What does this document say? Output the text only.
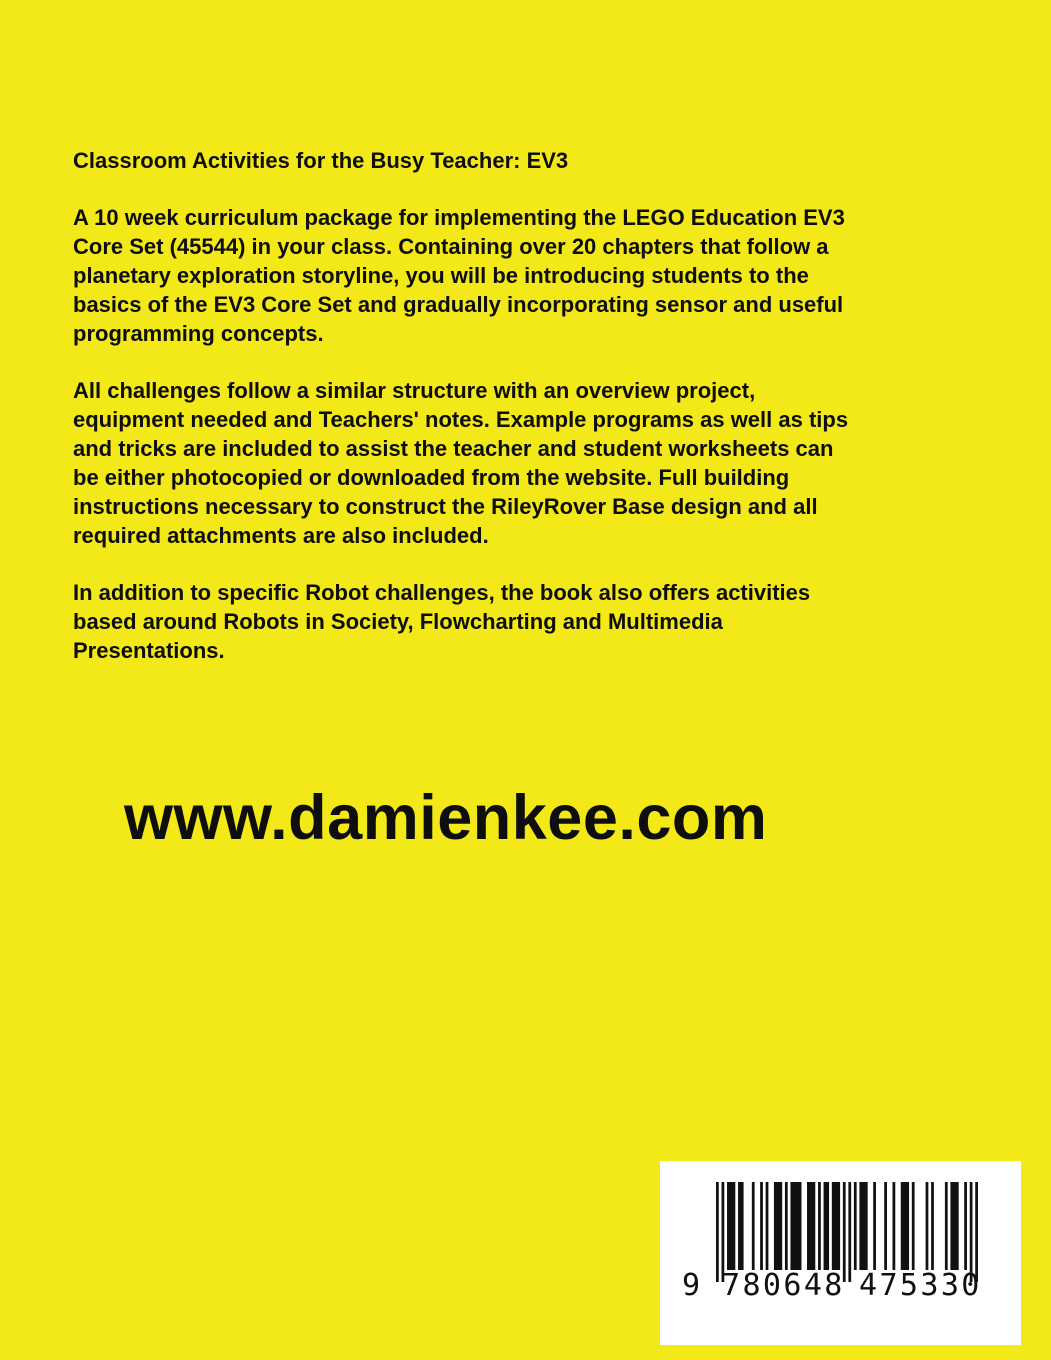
Classroom Activities for the Busy Teacher: EV3

A 10 week curriculum package for implementing the LEGO Education EV3
Core Set (45544) in your class. Containing over 20 chapters that follow a
planetary exploration storyline, you will be introducing students to the
basics of the EV3 Core Set and gradually incorporating sensor and useful
programming concepts.

All challenges follow a similar structure with an overview project,
equipment needed and Teachers' notes. Example programs as well as tips
and tricks are included to assist the teacher and student worksheets can
be either photocopied or downloaded from the website. Full building
instructions necessary to construct the RileyRover Base design and all
required attachments are also included.

In addition to specific Robot challenges, the book also offers activities
based around Robots in Society, Flowcharting and Multimedia
Presentations.

www.damienkee.com
9 780648 475330
